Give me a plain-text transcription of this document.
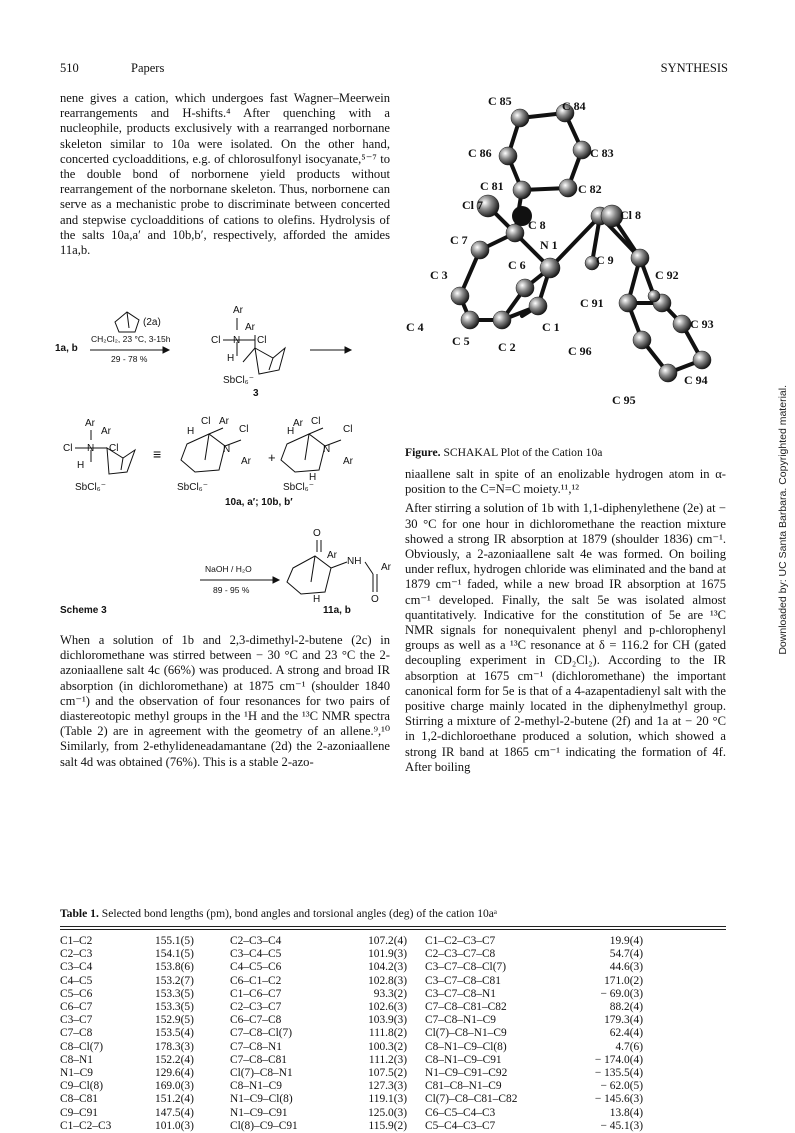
510	Papers	SYNTHESIS
Downloaded by: UC Santa Barbara. Copyrighted material.

nene gives a cation, which undergoes fast Wagner–Meerwein rearrangements and H-shifts.⁴ After quenching with a nucleophile, products exclusively with a rearranged norbornane skeleton similar to 10a were isolated. On the other hand, concerted cycloadditions, e.g. of chlorosulfonyl isocyanate,⁵⁻⁷ to the double bond of norbornene yield products without rearrangement of the norbornane skeleton. Thus, norbornene can serve as a mechanistic probe to discriminate between concerted and stepwise cycloadditions of cations to olefins. Hydrolysis of the salts 10a,a′ and 10b,b′, respectively, afforded the amides 11a,b.

(2a)
1a, b
CH₂Cl₂, 23 °C, 3-15h
29 - 78 %
Ar
Ar
Cl N Cl
H
SbCl₆⁻
3
Ar
Ar
Cl N Cl
H
SbCl₆⁻
≡
Cl Ar
Cl
H
N
Ar
SbCl₆⁻
+
Ar Cl
Cl
H
N
Ar
H
SbCl₆⁻
10a, a′; 10b, b′
O
Ar
NH
Ar
H	O
NaOH / H₂O
89 - 95 %
11a, b
Scheme 3

When a solution of 1b and 2,3-dimethyl-2-butene (2c) in dichloromethane was stirred between − 30 °C and 23 °C the 2-azoniaallene salt 4c (66%) was produced. A strong and broad IR absorption (in dichloromethane) at 1875 cm⁻¹ (shoulder 1840 cm⁻¹) and the observation of four resonances for two pairs of diastereotopic methyl groups in the ¹H and the ¹³C NMR spectra (Table 2) are in agreement with the geometry of an allene.⁹,¹⁰ Similarly, from 2-ethylideneadamantane (2d) the 2-azoniaallene salt 4d was obtained (76%). This is a stable 2-azo-

C 85	C 84
C 86	C 83
C 81	C 82
Cl 7
C 8
Cl 8
C 7	N 1
C 9
C 6
C 3	C 92
C 91
C 4	C 1	C 93
C 5 C 2	C 96
C 94
C 95
Figure. SCHAKAL Plot of the Cation 10a

niaallene salt in spite of an enolizable hydrogen atom in α-position to the C=N=C moiety.¹¹,¹²

After stirring a solution of 1b with 1,1-diphenylethene (2e) at − 30 °C for one hour in dichloromethane the reaction mixture showed a strong IR absorption at 1879 (shoulder 1836) cm⁻¹. Obviously, a 2-azoniaallene salt 4e was formed. On boiling under reflux, hydrogen chloride was eliminated and the band at 1879 cm⁻¹ faded, while a new broad IR absorption at 1675 cm⁻¹ developed. Finally, the salt 5e was isolated almost quantitatively. Indicative for the constitution of 5e are ¹³C NMR signals for nonequivalent phenyl and p-chlorophenyl groups as well as a ¹³C resonance at δ = 116.2 for CH (gated decoupling experiment in CD₂Cl₂). According to the IR absorption at 1675 cm⁻¹ (dichloromethane) the important canonical form for 5e is that of a 4-azapentadienyl salt with the positive charge mainly located in the diphenylmethyl group. Stirring a mixture of 2-methyl-2-butene (2f) and 1a at − 20 °C in 1,2-dichloroethane produced a solution, which showed a strong IR band at 1865 cm⁻¹ indicating the formation of 4f. After boiling

Table 1. Selected bond lengths (pm), bond angles and torsional angles (deg) of the cation 10aᵃ
C1–C2	155.1(5)	C2–C3–C4	107.2(4)	C1–C2–C3–C7	19.9(4)
C2–C3	154.1(5)	C3–C4–C5	101.9(3)	C2–C3–C7–C8	54.7(4)
C3–C4	153.8(6)	C4–C5–C6	104.2(3)	C3–C7–C8–Cl(7)	44.6(3)
C4–C5	153.2(7)	C6–C1–C2	102.8(3)	C3–C7–C8–C81	171.0(2)
C5–C6	153.3(5)	C1–C6–C7	93.3(2)	C3–C7–C8–N1	− 69.0(3)
C6–C7	153.3(5)	C2–C3–C7	102.6(3)	C7–C8–C81–C82	88.2(4)
C3–C7	152.9(5)	C6–C7–C8	103.9(3)	C7–C8–N1–C9	179.3(4)
C7–C8	153.5(4)	C7–C8–Cl(7)	111.8(2)	Cl(7)–C8–N1–C9	62.4(4)
C8–Cl(7)	178.3(3)	C7–C8–N1	100.3(2)	C8–N1–C9–Cl(8)	4.7(6)
C8–N1	152.2(4)	C7–C8–C81	111.2(3)	C8–N1–C9–C91	− 174.0(4)
N1–C9	129.6(4)	Cl(7)–C8–N1	107.5(2)	N1–C9–C91–C92	− 135.5(4)
C9–Cl(8)	169.0(3)	C8–N1–C9	127.3(3)	C81–C8–N1–C9	− 62.0(5)
C8–C81	151.2(4)	N1–C9–Cl(8)	119.1(3)	Cl(7)–C8–C81–C82	− 145.6(3)
C9–C91	147.5(4)	N1–C9–C91	125.0(3)	C6–C5–C4–C3	13.8(4)
C1–C2–C3	101.0(3)	Cl(8)–C9–C91	115.9(2)	C5–C4–C3–C7	− 45.1(3)
